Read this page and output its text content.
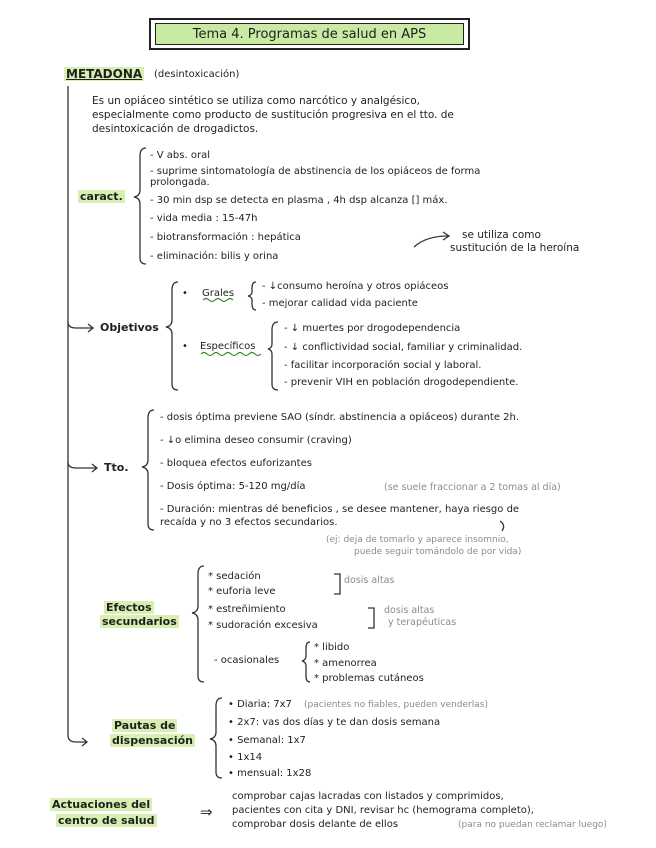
Tema 4. Programas de salud en APS
METADONA (desintoxicación)
Es un opiáceo sintético se utiliza como narcótico y analgésico,
especialmente como producto de sustitución progresiva en el tto. de
desintoxicación de drogadictos.
caract.
- V abs. oral
- suprime sintomatología de abstinencia de los opiáceos de forma
prolongada.
- 30 min dsp se detecta en plasma , 4h dsp alcanza [] máx.
- vida media : 15-47h
- biotransformación : hepática
- eliminación: bilis y orina
se utiliza como
sustitución de la heroína
Objetivos
• Grales
- ↓consumo heroína y otros opiáceos
- mejorar calidad vida paciente
• Específicos
- ↓ muertes por drogodependencia
- ↓ conflictividad social, familiar y criminalidad.
- facilitar incorporación social y laboral.
- prevenir VIH en población drogodependiente.
Tto.
- dosis óptima previene SAO (síndr. abstinencia a opiáceos) durante 2h.
- ↓o elimina deseo consumir (craving)
- bloquea efectos euforizantes
- Dosis óptima: 5-120 mg/día	(se suele fraccionar a 2 tomas al día)
- Duración: mientras dé beneficios , se desee mantener, haya riesgo de
recaída y no 3 efectos secundarios.
(ej: deja de tomarlo y aparece insomnio,
puede seguir tomándolo de por vida)
Efectos
secundarios
* sedación
* euforia leve
* estreñimiento
* sudoración excesiva
dosis altas
dosis altas
y terapéuticas
- ocasionales
* libido
* amenorrea
* problemas cutáneos
Pautas de
dispensación
• Diaria: 7x7 (pacientes no fiables, pueden venderlas)
• 2x7: vas dos días y te dan dosis semana
• Semanal: 1x7
• 1x14
• mensual: 1x28
Actuaciones del
centro de salud	⇒
comprobar cajas lacradas con listados y comprimidos,
pacientes con cita y DNI, revisar hc (hemograma completo),
comprobar dosis delante de ellos	(para no puedan reclamar luego)
